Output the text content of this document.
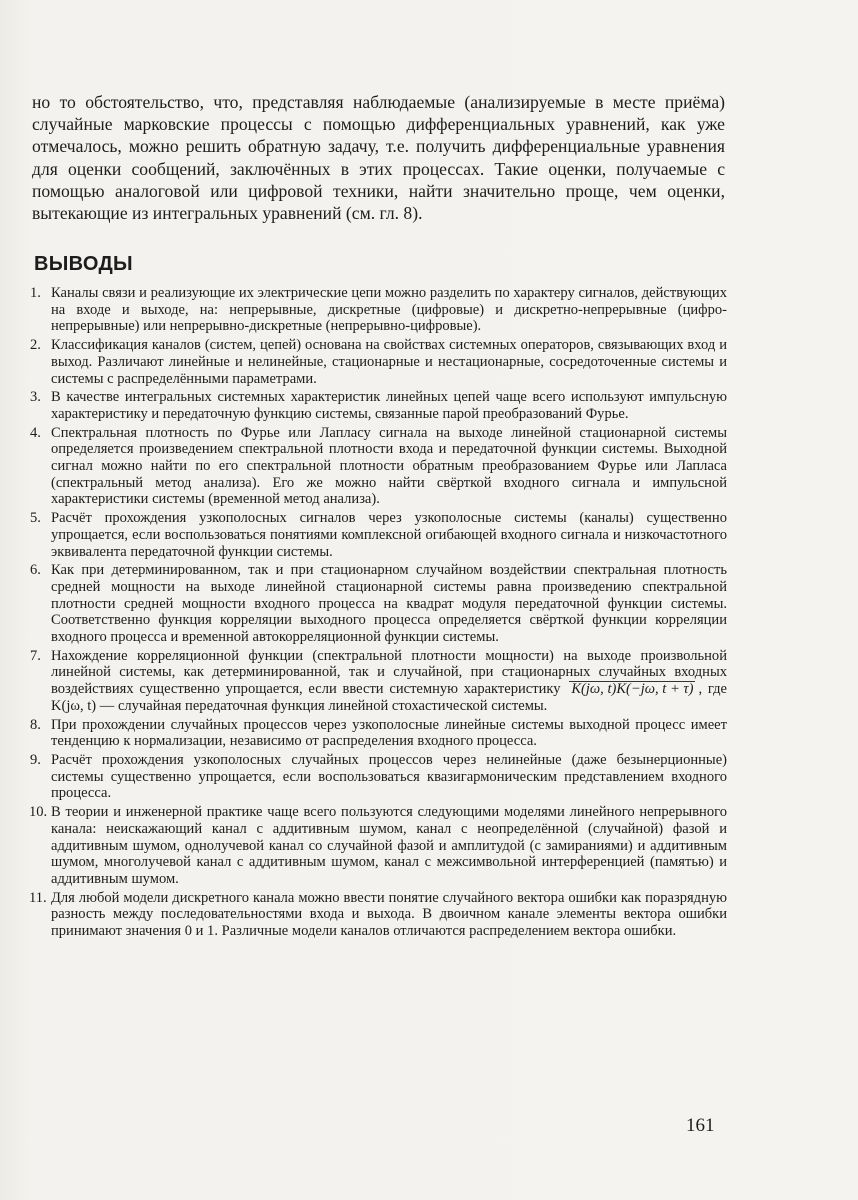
но то обстоятельство, что, представляя наблюдаемые (анализируемые в месте приёма) случайные марковские процессы с помощью дифференциальных уравнений, как уже отмечалось, можно решить обратную задачу, т.е. получить дифференциальные уравнения для оценки сообщений, заключённых в этих процессах. Такие оценки, получаемые с помощью аналоговой или цифровой техники, найти значительно проще, чем оценки, вытекающие из интегральных уравнений (см. гл. 8).

ВЫВОДЫ
1. Каналы связи и реализующие их электрические цепи можно разделить по характеру сигналов, действующих на входе и выходе, на: непрерывные, дискретные (цифровые) и дискретно-непрерывные (цифро-непрерывные) или непрерывно-дискретные (непрерывно-цифровые).
2. Классификация каналов (систем, цепей) основана на свойствах системных операторов, связывающих вход и выход. Различают линейные и нелинейные, стационарные и нестационарные, сосредоточенные системы и системы с распределёнными параметрами.
3. В качестве интегральных системных характеристик линейных цепей чаще всего используют импульсную характеристику и передаточную функцию системы, связанные парой преобразований Фурье.
4. Спектральная плотность по Фурье или Лапласу сигнала на выходе линейной стационарной системы определяется произведением спектральной плотности входа и передаточной функции системы. Выходной сигнал можно найти по его спектральной плотности обратным преобразованием Фурье или Лапласа (спектральный метод анализа). Его же можно найти свёрткой входного сигнала и импульсной характеристики системы (временной метод анализа).
5. Расчёт прохождения узкополосных сигналов через узкополосные системы (каналы) существенно упрощается, если воспользоваться понятиями комплексной огибающей входного сигнала и низкочастотного эквивалента передаточной функции системы.
6. Как при детерминированном, так и при стационарном случайном воздействии спектральная плотность средней мощности на выходе линейной стационарной системы равна произведению спектральной плотности средней мощности входного процесса на квадрат модуля передаточной функции системы. Соответственно функция корреляции выходного процесса определяется свёрткой функции корреляции входного процесса и временной автокорреляционной функции системы.
7. Нахождение корреляционной функции (спектральной плотности мощности) на выходе произвольной линейной системы, как детерминированной, так и случайной, при стационарных случайных входных воздействиях существенно упрощается, если ввести системную характеристику K(jω, t)K(−jω, t + τ) , где K(jω, t) — случайная передаточная функция линейной стохастической системы.
8. При прохождении случайных процессов через узкополосные линейные системы выходной процесс имеет тенденцию к нормализации, независимо от распределения входного процесса.
9. Расчёт прохождения узкополосных случайных процессов через нелинейные (даже безынерционные) системы существенно упрощается, если воспользоваться квазигармоническим представлением входного процесса.
10. В теории и инженерной практике чаще всего пользуются следующими моделями линейного непрерывного канала: неискажающий канал с аддитивным шумом, канал с неопределённой (случайной) фазой и аддитивным шумом, однолучевой канал со случайной фазой и амплитудой (с замираниями) и аддитивным шумом, многолучевой канал с аддитивным шумом, канал с межсимвольной интерференцией (памятью) и аддитивным шумом.
11. Для любой модели дискретного канала можно ввести понятие случайного вектора ошибки как поразрядную разность между последовательностями входа и выхода. В двоичном канале элементы вектора ошибки принимают значения 0 и 1. Различные модели каналов отличаются распределением вектора ошибки.

161
